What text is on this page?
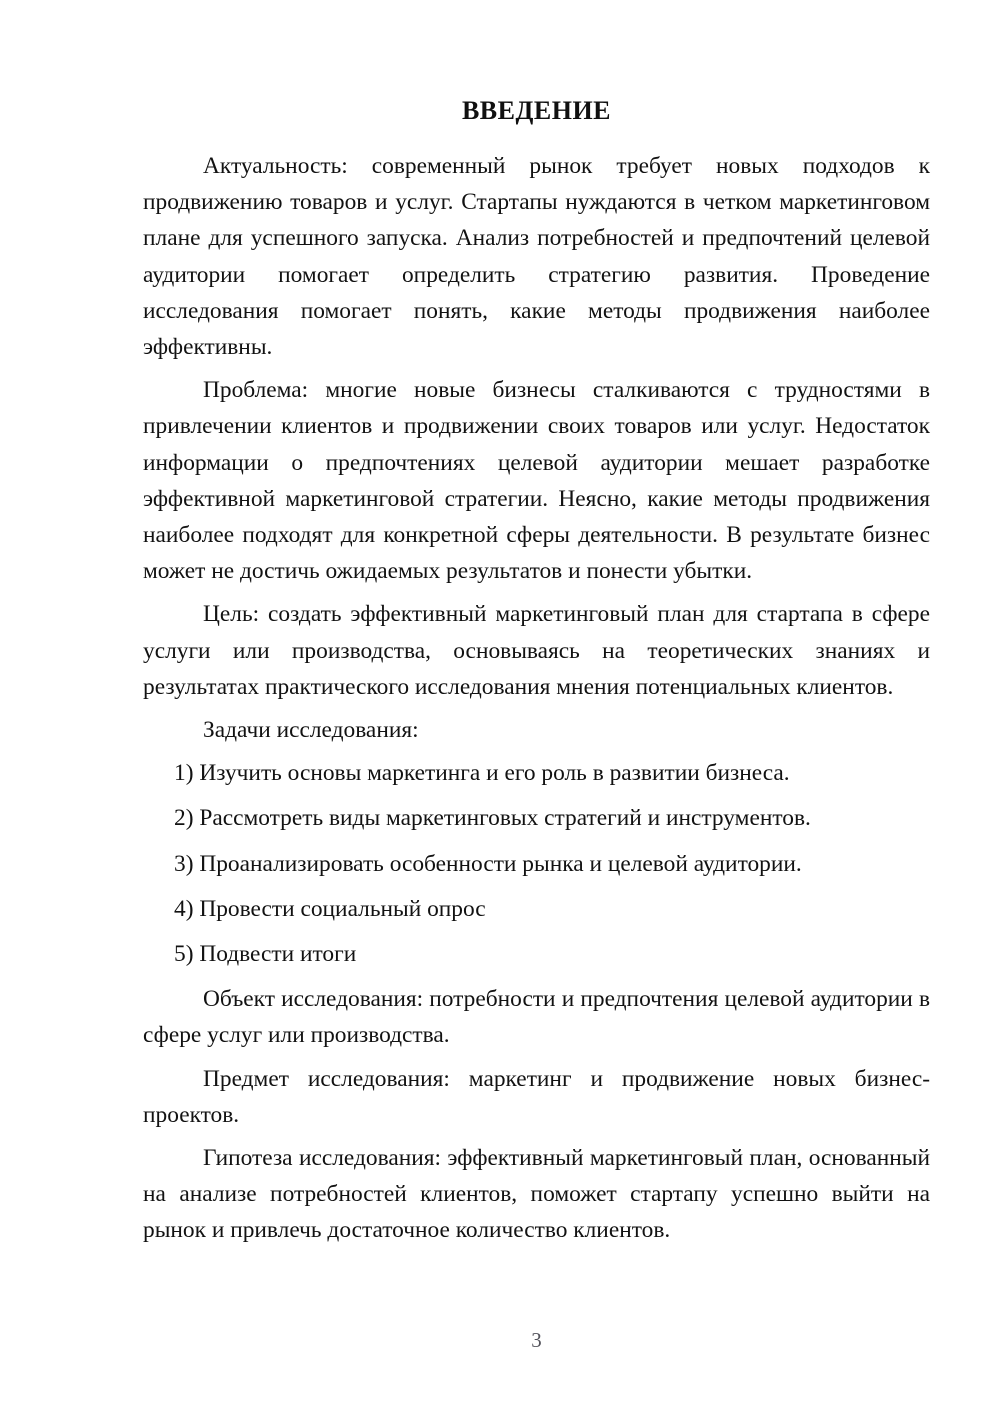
ВВЕДЕНИЕ

Актуальность: современный рынок требует новых подходов к продвижению товаров и услуг. Стартапы нуждаются в четком маркетинговом плане для успешного запуска. Анализ потребностей и предпочтений целевой аудитории помогает определить стратегию развития. Проведение исследования помогает понять, какие методы продвижения наиболее эффективны.

Проблема: многие новые бизнесы сталкиваются с трудностями в привлечении клиентов и продвижении своих товаров или услуг. Недостаток информации о предпочтениях целевой аудитории мешает разработке эффективной маркетинговой стратегии. Неясно, какие методы продвижения наиболее подходят для конкретной сферы деятельности. В результате бизнес может не достичь ожидаемых результатов и понести убытки.

Цель: создать эффективный маркетинговый план для стартапа в сфере услуги или производства, основываясь на теоретических знаниях и результатах практического исследования мнения потенциальных клиентов.

Задачи исследования:

1) Изучить основы маркетинга и его роль в развитии бизнеса.

2) Рассмотреть виды маркетинговых стратегий и инструментов.

3) Проанализировать особенности рынка и целевой аудитории.

4) Провести социальный опрос

5) Подвести итоги

Объект исследования: потребности и предпочтения целевой аудитории в сфере услуг или производства.

Предмет исследования: маркетинг и продвижение новых бизнес-проектов.

Гипотеза исследования: эффективный маркетинговый план, основанный на анализе потребностей клиентов, поможет стартапу успешно выйти на рынок и привлечь достаточное количество клиентов.

3
